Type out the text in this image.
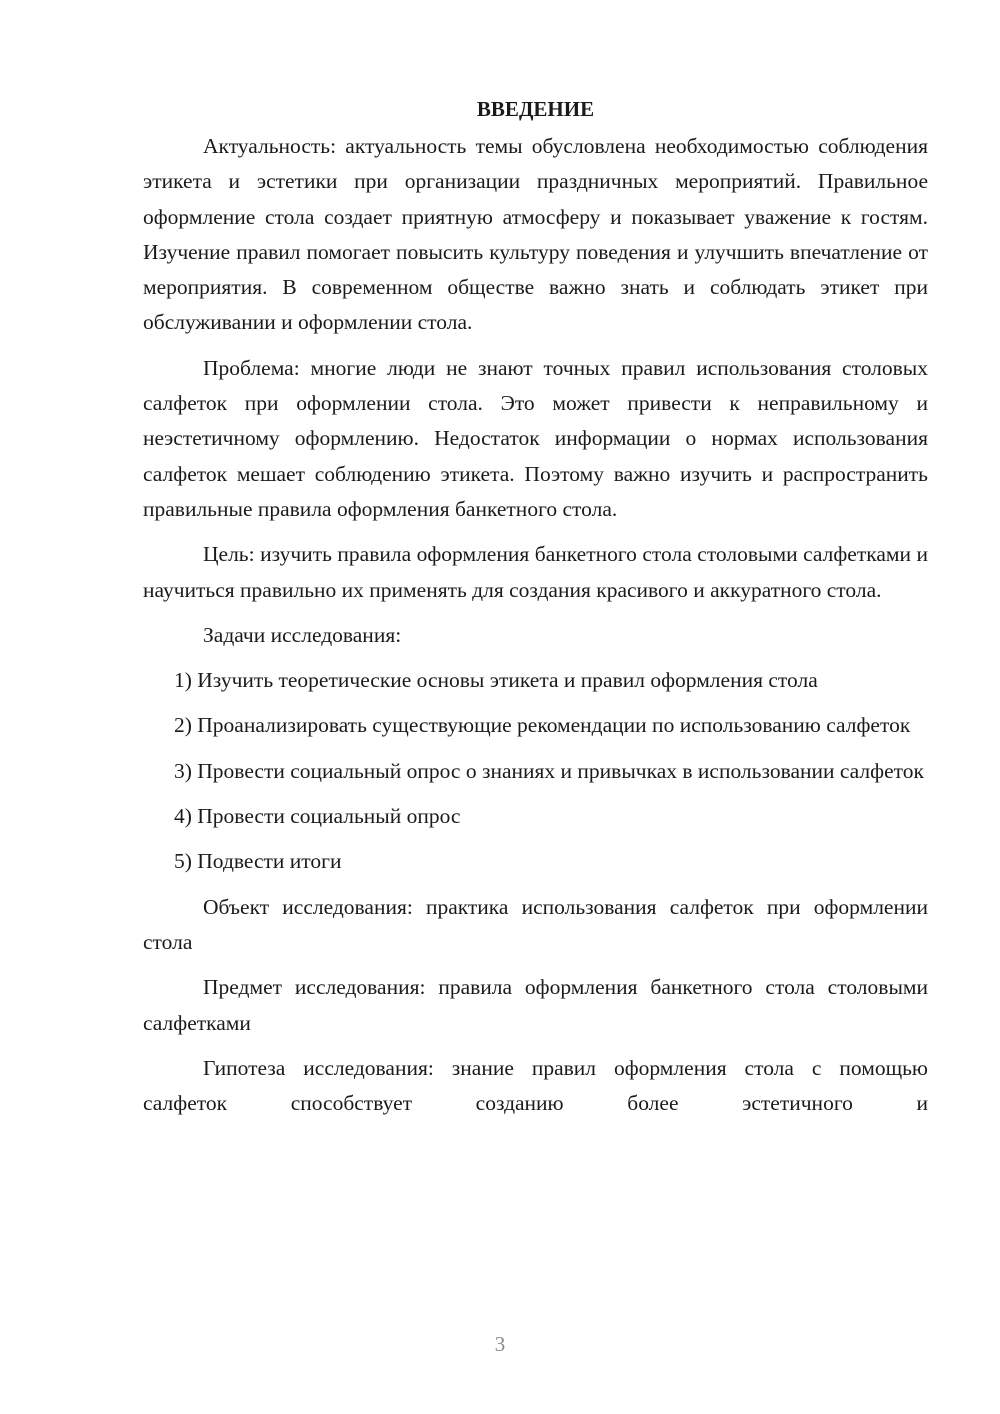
ВВЕДЕНИЕ

Актуальность: актуальность темы обусловлена необходимостью соблюдения этикета и эстетики при организации праздничных мероприятий. Правильное оформление стола создает приятную атмосферу и показывает уважение к гостям. Изучение правил помогает повысить культуру поведения и улучшить впечатление от мероприятия. В современном обществе важно знать и соблюдать этикет при обслуживании и оформлении стола.

Проблема: многие люди не знают точных правил использования столовых салфеток при оформлении стола. Это может привести к неправильному и неэстетичному оформлению. Недостаток информации о нормах использования салфеток мешает соблюдению этикета. Поэтому важно изучить и распространить правильные правила оформления банкетного стола.

Цель: изучить правила оформления банкетного стола столовыми салфетками и научиться правильно их применять для создания красивого и аккуратного стола.

Задачи исследования:

1) Изучить теоретические основы этикета и правил оформления стола

2) Проанализировать существующие рекомендации по использованию салфеток

3) Провести социальный опрос о знаниях и привычках в использовании салфеток

4) Провести социальный опрос

5) Подвести итоги

Объект исследования: практика использования салфеток при оформлении стола

Предмет исследования: правила оформления банкетного стола столовыми салфетками

Гипотеза исследования: знание правил оформления стола с помощью салфеток способствует созданию более эстетичного и

3
